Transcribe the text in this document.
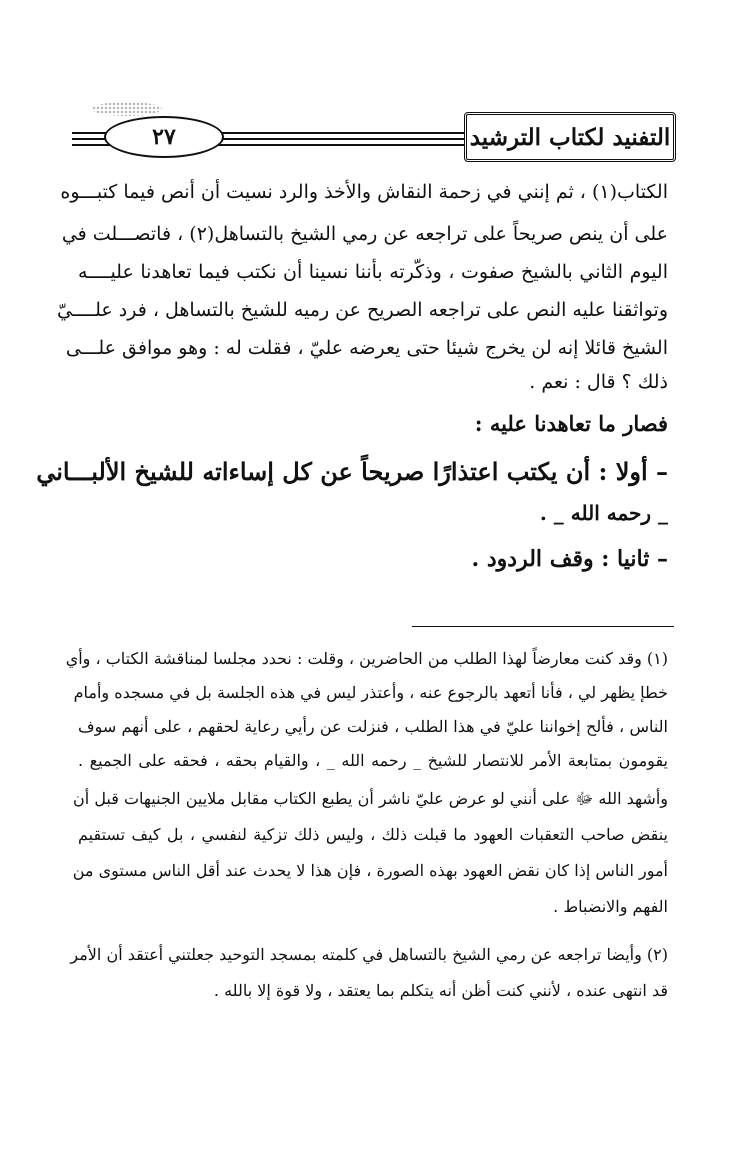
٢٧	التفنيد لكتاب الترشيد
الكتاب(١) ، ثم إنني في زحمة النقاش والأخذ والرد نسيت أن أنص فيما كتبـــوه
على أن ينص صريحاً على تراجعه عن رمي الشيخ بالتساهل(٢) ، فاتصـــلت في
اليوم الثاني بالشيخ صفوت ، وذكّرته بأننا نسينا أن نكتب فيما تعاهدنا عليــــه
وتواثقنا عليه النص على تراجعه الصريح عن رميه للشيخ بالتساهل ، فرد علــــيّ
الشيخ قائلا إنه لن يخرج شيئا حتى يعرضه عليّ ، فقلت له : وهو موافق علـــى
ذلك ؟ قال : نعم .
فصار ما تعاهدنا عليه :
– أولا : أن يكتب اعتذارًا صريحاً عن كل إساءاته للشيخ الألبـــاني
_ رحمه الله _ .
– ثانيا : وقف الردود .
(١) وقد كنت معارضاً لهذا الطلب من الحاضرين ، وقلت : نحدد مجلسا لمناقشة الكتاب ، وأي
خطإ يظهر لي ، فأنا أتعهد بالرجوع عنه ، وأعتذر ليس في هذه الجلسة بل في مسجده وأمام
الناس ، فألح إخواننا عليّ في هذا الطلب ، فنزلت عن رأيي رعاية لحقهم ، على أنهم سوف
يقومون بمتابعة الأمر للانتصار للشيخ _ رحمه الله _ ، والقيام بحقه ، فحقه على الجميع .
وأشهد الله ﷻ على أنني لو عرض عليّ ناشر أن يطبع الكتاب مقابل ملايين الجنيهات قبل أن
ينقض صاحب التعقبات العهود ما قبلت ذلك ، وليس ذلك تزكية لنفسي ، بل كيف تستقيم
أمور الناس إذا كان نقض العهود بهذه الصورة ، فإن هذا لا يحدث عند أقل الناس مستوى من
الفهم والانضباط .
(٢) وأيضا تراجعه عن رمي الشيخ بالتساهل في كلمته بمسجد التوحيد جعلتني أعتقد أن الأمر
قد انتهى عنده ، لأنني كنت أظن أنه يتكلم بما يعتقد ، ولا قوة إلا بالله .
